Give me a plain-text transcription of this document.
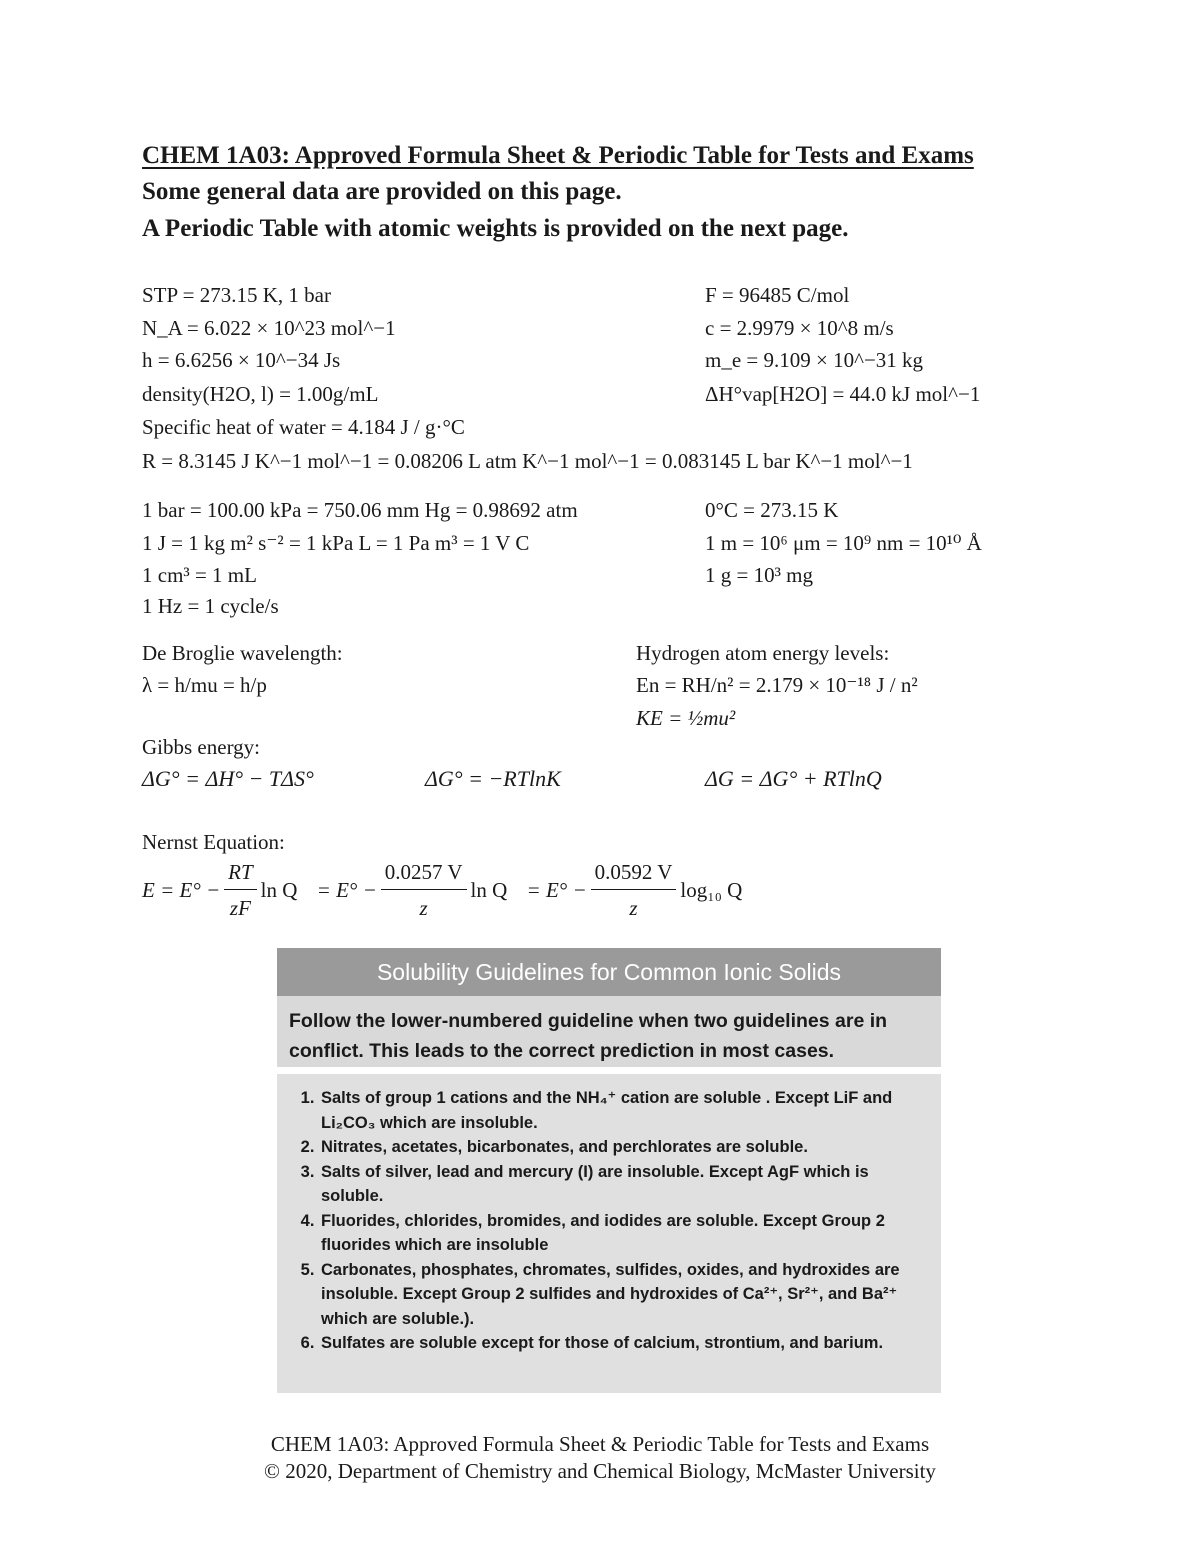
CHEM 1A03: Approved Formula Sheet & Periodic Table for Tests and Exams
Some general data are provided on this page.
A Periodic Table with atomic weights is provided on the next page.
STP = 273.15 K, 1 bar
N_A = 6.022 × 10^23 mol^−1
h = 6.6256 × 10^−34 Js
density(H2O, l) = 1.00g/mL
Specific heat of water = 4.184 J / g·°C
R = 8.3145 J K^−1 mol^−1 = 0.08206 L atm K^−1 mol^−1 = 0.083145 L bar K^−1 mol^−1
F = 96485 C/mol
c = 2.9979 × 10^8 m/s
m_e = 9.109 × 10^−31 kg
ΔH°vap[H2O] = 44.0 kJ mol^−1
1 bar = 100.00 kPa = 750.06 mm Hg = 0.98692 atm
1 J = 1 kg m² s⁻² = 1 kPa L = 1 Pa m³ = 1 V C
1 cm³ = 1 mL
1 Hz = 1 cycle/s
0°C = 273.15 K
1 m = 10⁶ μm = 10⁹ nm = 10¹⁰ Å
1 g = 10³ mg
De Broglie wavelength:
λ = h/mu = h/p
Hydrogen atom energy levels:
En = RH/n² = 2.179 × 10⁻¹⁸ J / n²
KE = ½mu²
Gibbs energy:
ΔG° = ΔH° − TΔS°	ΔG° = −RTlnK	ΔG = ΔG° + RTlnQ
Nernst Equation:
$E = E^\circ - \frac{RT}{zF}$ $\ln Q = E^\circ - \frac{0.0257 V}{z}$ $\ln Q = E^\circ - \frac{0.0592 V}{z} \log_{10}$ Q
Solubility Guidelines for Common Ionic Solids
Follow the lower-numbered guideline when two guidelines are in conflict. This leads to the correct prediction in most cases.
1. Salts of group 1 cations and the NH₄⁺ cation are soluble . Except LiF and Li₂CO₃ which are insoluble.
2. Nitrates, acetates, bicarbonates, and perchlorates are soluble.
3. Salts of silver, lead and mercury (I) are insoluble. Except AgF which is soluble.
4. Fluorides, chlorides, bromides, and iodides are soluble. Except Group 2 fluorides which are insoluble
5. Carbonates, phosphates, chromates, sulfides, oxides, and hydroxides are insoluble. Except Group 2 sulfides and hydroxides of Ca²⁺, Sr²⁺, and Ba²⁺ which are soluble.).
6. Sulfates are soluble except for those of calcium, strontium, and barium.
CHEM 1A03: Approved Formula Sheet & Periodic Table for Tests and Exams
© 2020, Department of Chemistry and Chemical Biology, McMaster University
